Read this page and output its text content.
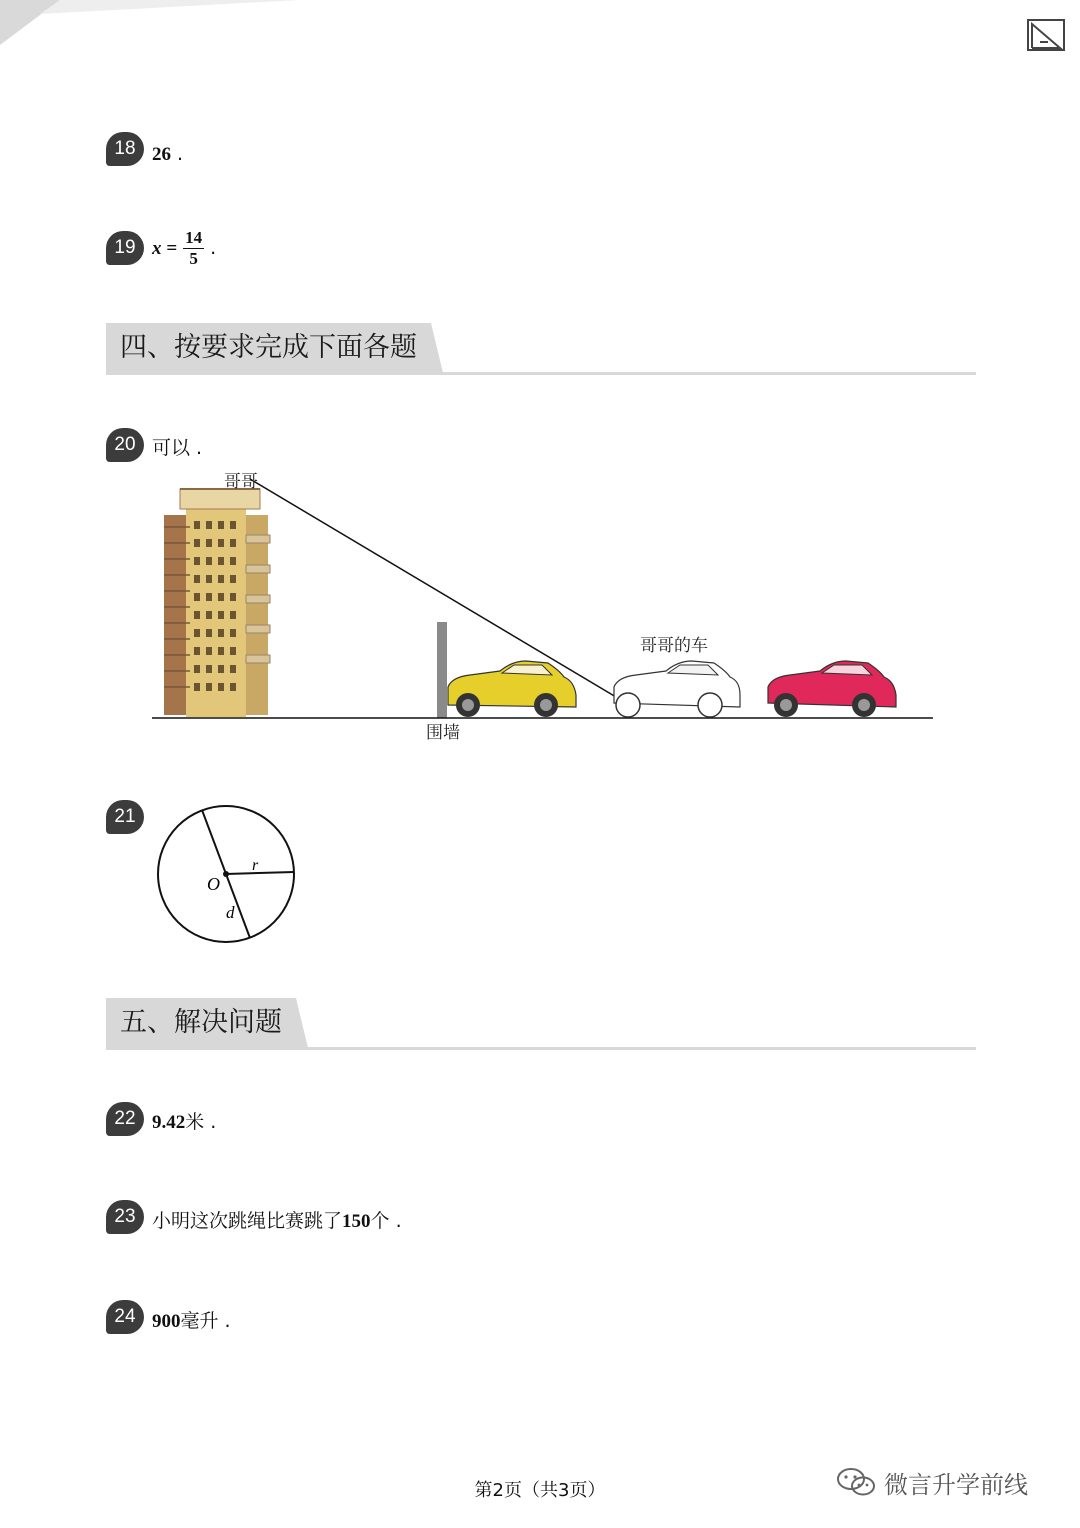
18 26 .
19 $x = \frac{14}{5}$ .
四、按要求完成下面各题
20 可以 .
哥哥
哥哥的车
围墙
21
O
r
d
五、解决问题
22 9.42米 .
23 小明这次跳绳比赛跳了150个 .
24 900毫升 .
第2页（共3页）	微言升学前线
